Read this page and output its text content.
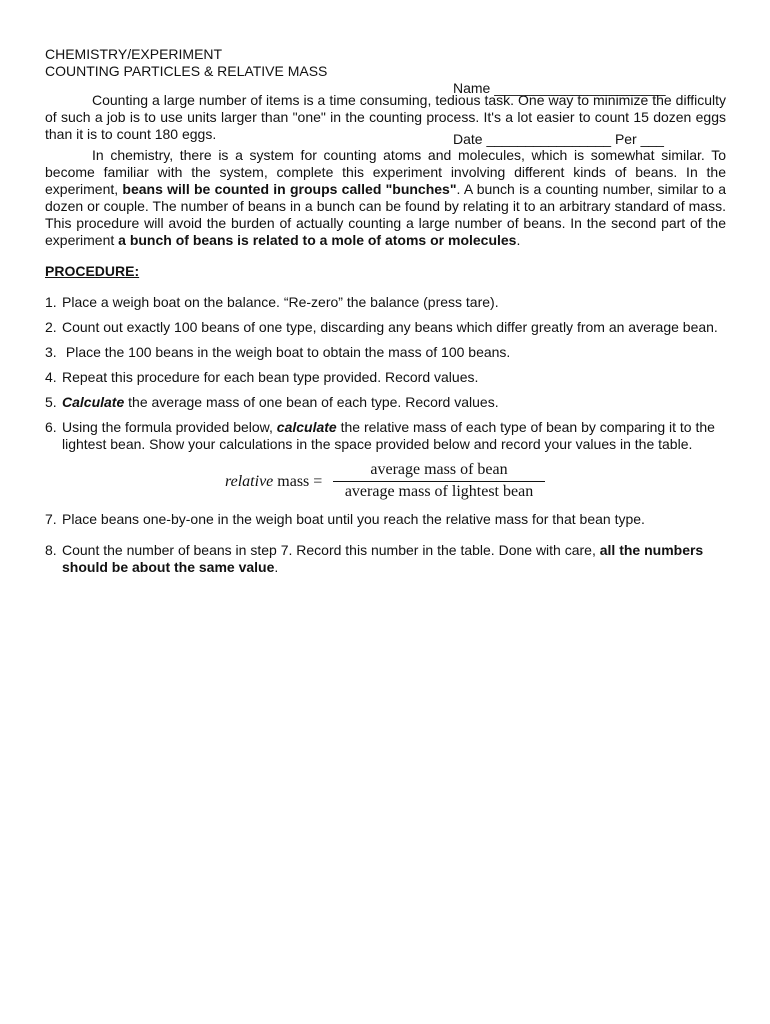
CHEMISTRY/EXPERIMENT
COUNTING PARTICLES & RELATIVE MASS

Name ______________________

Date ________________ Per ___

Counting a large number of items is a time consuming, tedious task. One way to minimize the difficulty of such a job is to use units larger than "one" in the counting process. It's a lot easier to count 15 dozen eggs than it is to count 180 eggs.

In chemistry, there is a system for counting atoms and molecules, which is somewhat similar. To become familiar with the system, complete this experiment involving different kinds of beans. In the experiment, beans will be counted in groups called "bunches". A bunch is a counting number, similar to a dozen or couple. The number of beans in a bunch can be found by relating it to an arbitrary standard of mass. This procedure will avoid the burden of actually counting a large number of beans. In the second part of the experiment a bunch of beans is related to a mole of atoms or molecules.

PROCEDURE:
1. Place a weigh boat on the balance. “Re-zero” the balance (press tare).
2. Count out exactly 100 beans of one type, discarding any beans which differ greatly from an average bean.
3. Place the 100 beans in the weigh boat to obtain the mass of 100 beans.
4. Repeat this procedure for each bean type provided. Record values.
5. Calculate the average mass of one bean of each type. Record values.
6. Using the formula provided below, calculate the relative mass of each type of bean by comparing it to the lightest bean. Show your calculations in the space provided below and record your values in the table.
relative mass =
average mass of bean
average mass of lightest bean
7. Place beans one-by-one in the weigh boat until you reach the relative mass for that bean type.
8. Count the number of beans in step 7. Record this number in the table. Done with care, all the numbers should be about the same value.
